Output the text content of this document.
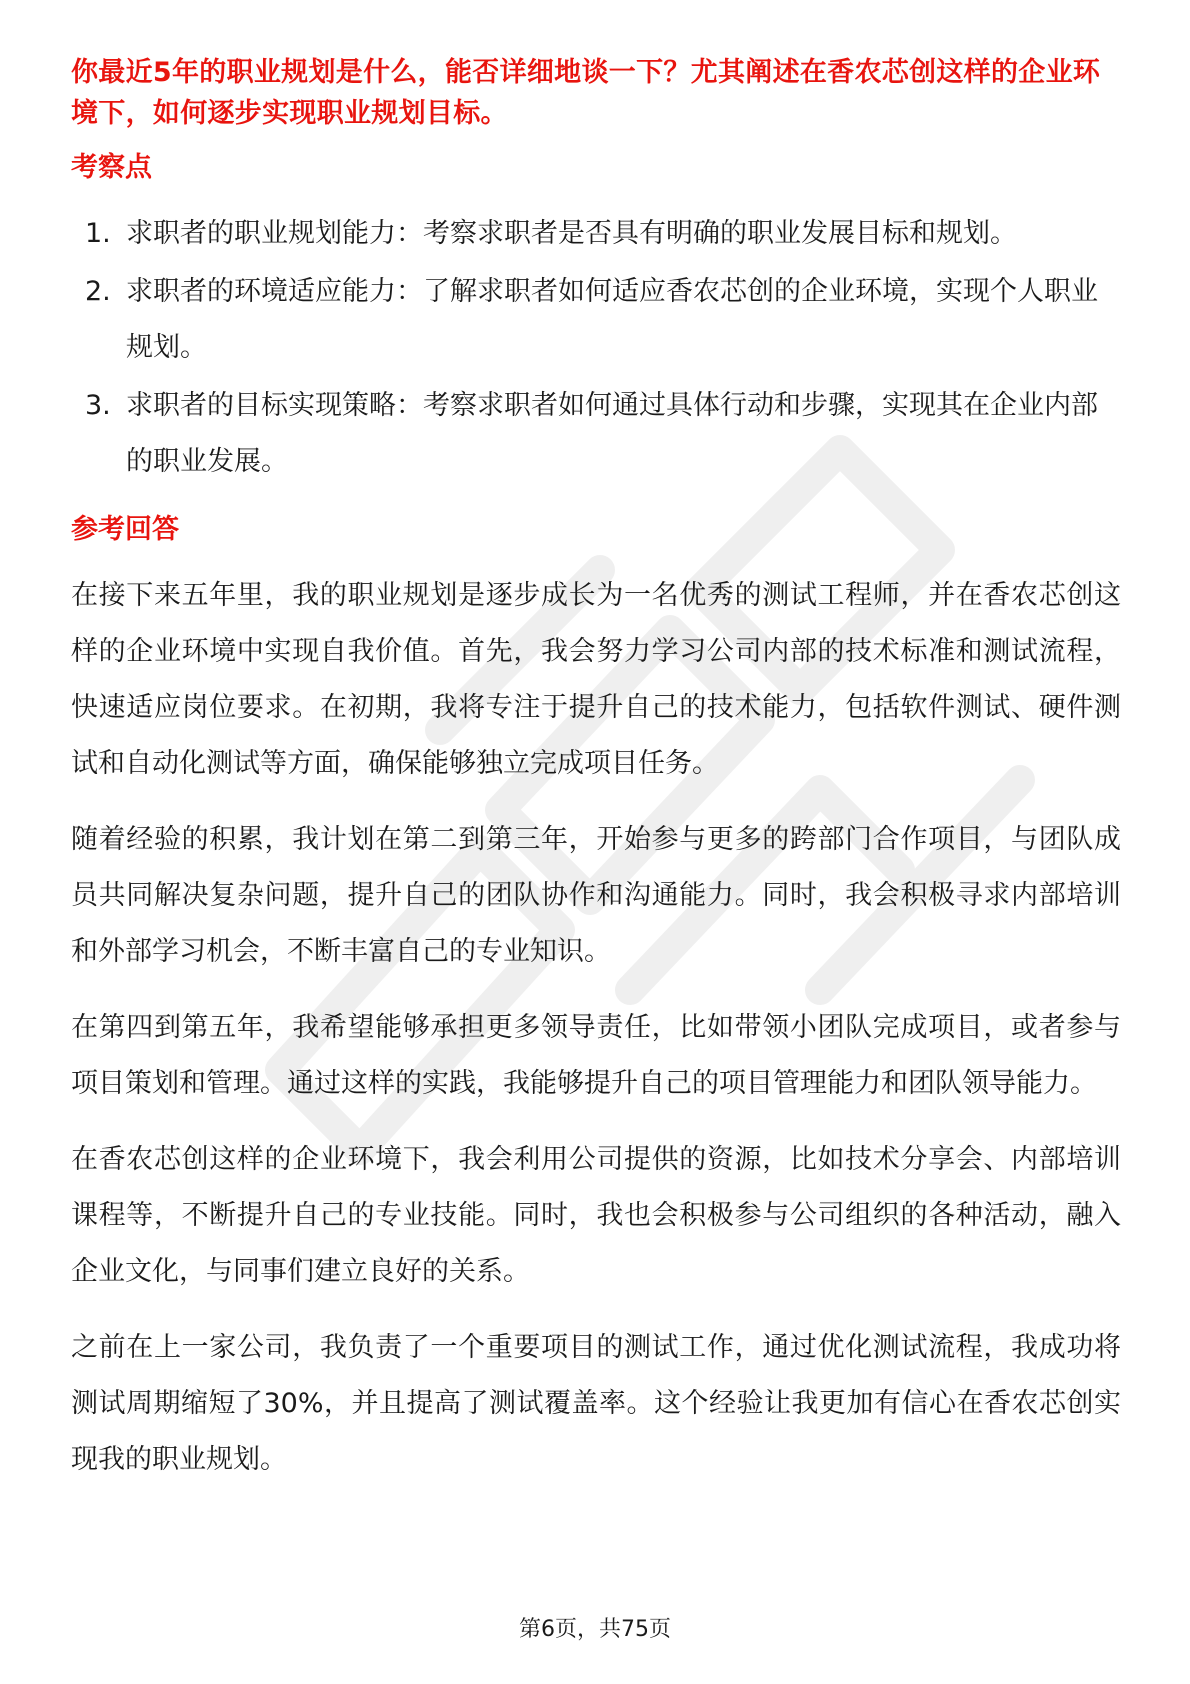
你最近5年的职业规划是什么，能否详细地谈一下？尤其阐述在香农芯创这样的企业环境下，如何逐步实现职业规划目标。

考察点
1. 求职者的职业规划能力：考察求职者是否具有明确的职业发展目标和规划。
2. 求职者的环境适应能力：了解求职者如何适应香农芯创的企业环境，实现个人职业规划。
3. 求职者的目标实现策略：考察求职者如何通过具体行动和步骤，实现其在企业内部的职业发展。
参考回答

在接下来五年里，我的职业规划是逐步成长为一名优秀的测试工程师，并在香农芯创这样的企业环境中实现自我价值。首先，我会努力学习公司内部的技术标准和测试流程，快速适应岗位要求。在初期，我将专注于提升自己的技术能力，包括软件测试、硬件测试和自动化测试等方面，确保能够独立完成项目任务。

随着经验的积累，我计划在第二到第三年，开始参与更多的跨部门合作项目，与团队成员共同解决复杂问题，提升自己的团队协作和沟通能力。同时，我会积极寻求内部培训和外部学习机会，不断丰富自己的专业知识。

在第四到第五年，我希望能够承担更多领导责任，比如带领小团队完成项目，或者参与项目策划和管理。通过这样的实践，我能够提升自己的项目管理能力和团队领导能力。

在香农芯创这样的企业环境下，我会利用公司提供的资源，比如技术分享会、内部培训课程等，不断提升自己的专业技能。同时，我也会积极参与公司组织的各种活动，融入企业文化，与同事们建立良好的关系。

之前在上一家公司，我负责了一个重要项目的测试工作，通过优化测试流程，我成功将测试周期缩短了30%，并且提高了测试覆盖率。这个经验让我更加有信心在香农芯创实现我的职业规划。

第6页，共75页
